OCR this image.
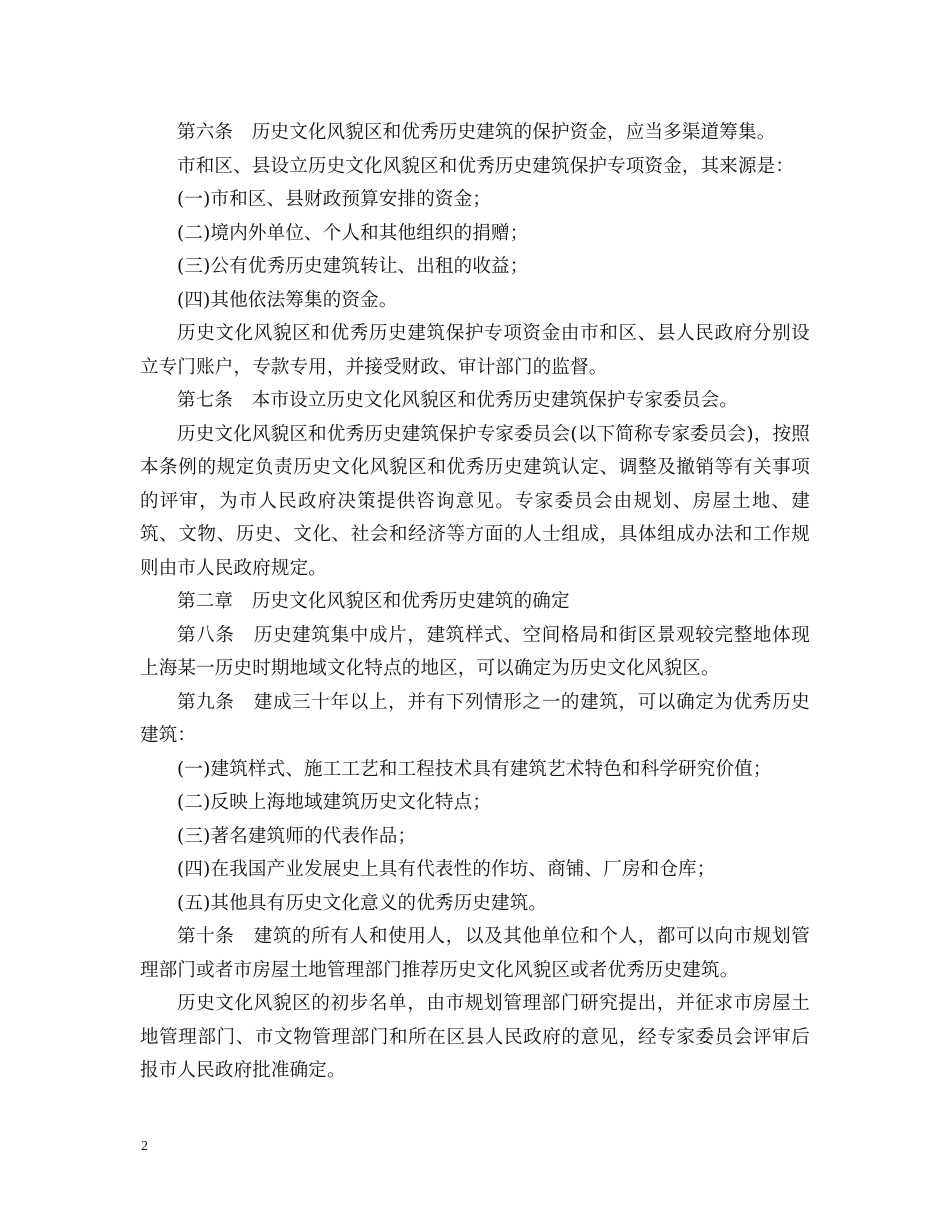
第六条　历史文化风貌区和优秀历史建筑的保护资金，应当多渠道筹集。

市和区、县设立历史文化风貌区和优秀历史建筑保护专项资金，其来源是：

(一)市和区、县财政预算安排的资金；

(二)境内外单位、个人和其他组织的捐赠；

(三)公有优秀历史建筑转让、出租的收益；

(四)其他依法筹集的资金。

历史文化风貌区和优秀历史建筑保护专项资金由市和区、县人民政府分别设立专门账户，专款专用，并接受财政、审计部门的监督。

第七条　本市设立历史文化风貌区和优秀历史建筑保护专家委员会。

历史文化风貌区和优秀历史建筑保护专家委员会(以下简称专家委员会)，按照本条例的规定负责历史文化风貌区和优秀历史建筑认定、调整及撤销等有关事项的评审，为市人民政府决策提供咨询意见。专家委员会由规划、房屋土地、建筑、文物、历史、文化、社会和经济等方面的人士组成，具体组成办法和工作规则由市人民政府规定。

第二章　历史文化风貌区和优秀历史建筑的确定

第八条　历史建筑集中成片，建筑样式、空间格局和街区景观较完整地体现上海某一历史时期地域文化特点的地区，可以确定为历史文化风貌区。

第九条　建成三十年以上，并有下列情形之一的建筑，可以确定为优秀历史建筑：

(一)建筑样式、施工工艺和工程技术具有建筑艺术特色和科学研究价值；

(二)反映上海地域建筑历史文化特点；

(三)著名建筑师的代表作品；

(四)在我国产业发展史上具有代表性的作坊、商铺、厂房和仓库；

(五)其他具有历史文化意义的优秀历史建筑。

第十条　建筑的所有人和使用人，以及其他单位和个人，都可以向市规划管理部门或者市房屋土地管理部门推荐历史文化风貌区或者优秀历史建筑。

历史文化风貌区的初步名单，由市规划管理部门研究提出，并征求市房屋土地管理部门、市文物管理部门和所在区县人民政府的意见，经专家委员会评审后报市人民政府批准确定。

2
